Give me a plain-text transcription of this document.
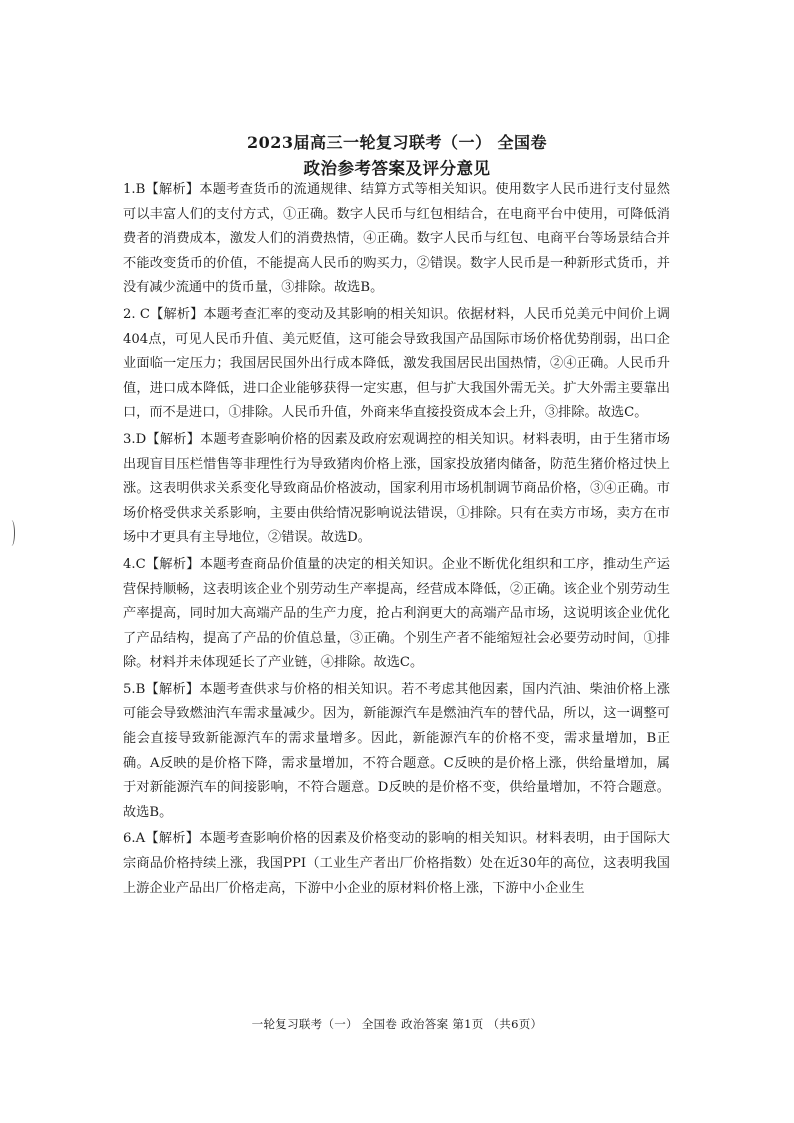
2023届高三一轮复习联考（一） 全国卷
政治参考答案及评分意见

1.B【解析】本题考查货币的流通规律、结算方式等相关知识。使用数字人民币进行支付显然可以丰富人们的支付方式，①正确。数字人民币与红包相结合，在电商平台中使用，可降低消费者的消费成本，激发人们的消费热情，④正确。数字人民币与红包、电商平台等场景结合并不能改变货币的价值，不能提高人民币的购买力，②错误。数字人民币是一种新形式货币，并没有减少流通中的货币量，③排除。故选B。

2. C【解析】本题考查汇率的变动及其影响的相关知识。依据材料，人民币兑美元中间价上调404点，可见人民币升值、美元贬值，这可能会导致我国产品国际市场价格优势削弱，出口企业面临一定压力；我国居民国外出行成本降低，激发我国居民出国热情，②④正确。人民币升值，进口成本降低，进口企业能够获得一定实惠，但与扩大我国外需无关。扩大外需主要靠出口，而不是进口，①排除。人民币升值，外商来华直接投资成本会上升，③排除。故选C。

3.D【解析】本题考查影响价格的因素及政府宏观调控的相关知识。材料表明，由于生猪市场出现盲目压栏惜售等非理性行为导致猪肉价格上涨，国家投放猪肉储备，防范生猪价格过快上涨。这表明供求关系变化导致商品价格波动，国家利用市场机制调节商品价格，③④正确。市场价格受供求关系影响，主要由供给情况影响说法错误，①排除。只有在卖方市场，卖方在市场中才更具有主导地位，②错误。故选D。

4.C【解析】本题考查商品价值量的决定的相关知识。企业不断优化组织和工序，推动生产运营保持顺畅，这表明该企业个别劳动生产率提高，经营成本降低，②正确。该企业个别劳动生产率提高，同时加大高端产品的生产力度，抢占利润更大的高端产品市场，这说明该企业优化了产品结构，提高了产品的价值总量，③正确。个别生产者不能缩短社会必要劳动时间，①排除。材料并未体现延长了产业链，④排除。故选C。

5.B【解析】本题考查供求与价格的相关知识。若不考虑其他因素，国内汽油、柴油价格上涨可能会导致燃油汽车需求量减少。因为，新能源汽车是燃油汽车的替代品，所以，这一调整可能会直接导致新能源汽车的需求量增多。因此，新能源汽车的价格不变，需求量增加，B正确。A反映的是价格下降，需求量增加，不符合题意。C反映的是价格上涨，供给量增加，属于对新能源汽车的间接影响，不符合题意。D反映的是价格不变，供给量增加，不符合题意。故选B。

6.A【解析】本题考查影响价格的因素及价格变动的影响的相关知识。材料表明，由于国际大宗商品价格持续上涨，我国PPI（工业生产者出厂价格指数）处在近30年的高位，这表明我国上游企业产品出厂价格走高，下游中小企业的原材料价格上涨，下游中小企业生

一轮复习联考（一） 全国卷 政治答案 第1页 （共6页）
